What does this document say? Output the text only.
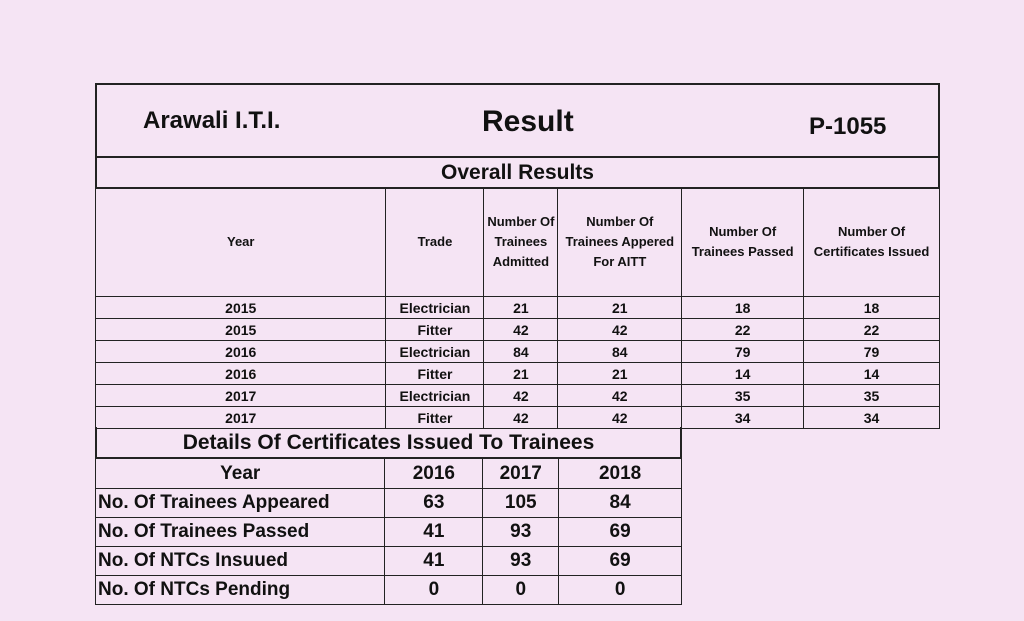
Arawali I.T.I.	Result	P-1055
Overall Results
Year	Trade	Number Of Trainees Admitted	Number Of Trainees Appered For AITT	Number Of Trainees Passed	Number Of Certificates Issued
2015	Electrician	21	21	18	18
2015	Fitter	42	42	22	22
2016	Electrician	84	84	79	79
2016	Fitter	21	21	14	14
2017	Electrician	42	42	35	35
2017	Fitter	42	42	34	34
Details Of Certificates Issued To Trainees
Year	2016	2017	2018
No. Of Trainees Appeared	63	105	84
No. Of Trainees Passed	41	93	69
No. Of NTCs Insuued	41	93	69
No. Of NTCs Pending	0	0	0
